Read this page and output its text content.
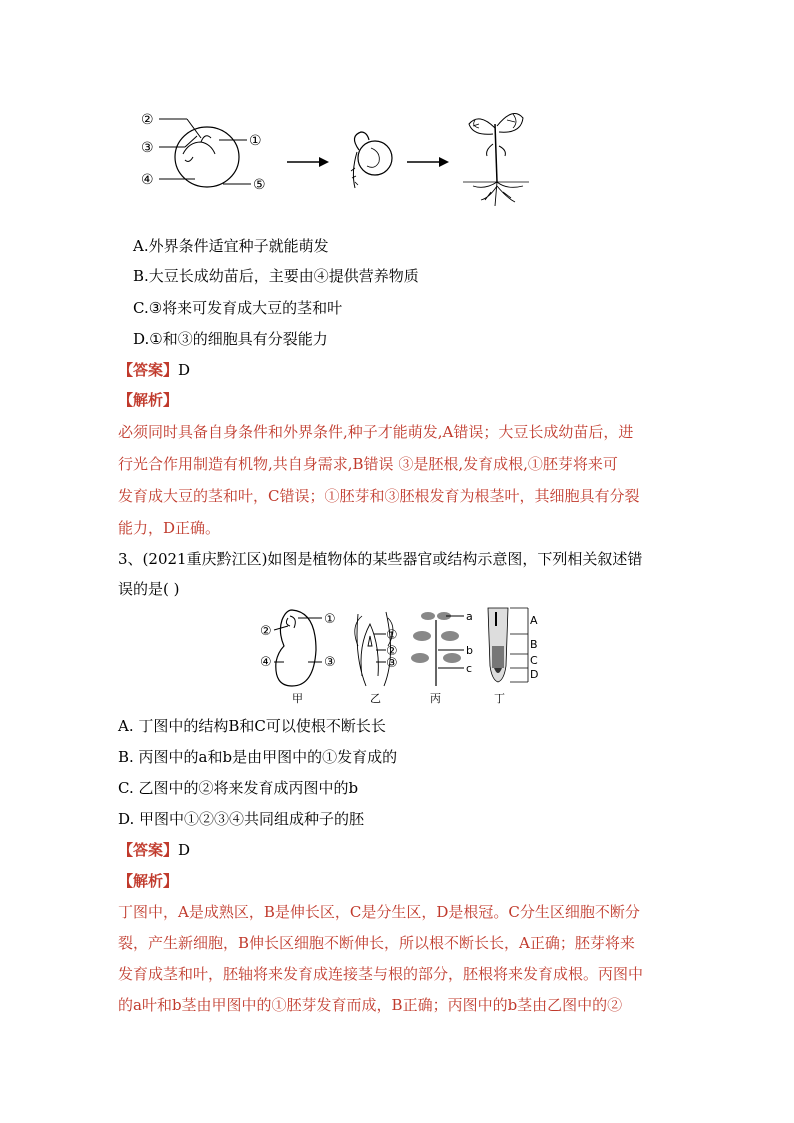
②
③
④
①
⑤
A.外界条件适宜种子就能萌发
B.大豆长成幼苗后，主要由④提供营养物质
C.③将来可发育成大豆的茎和叶
D.①和③的细胞具有分裂能力
【答案】D
【解析】
必须同时具备自身条件和外界条件,种子才能萌发,A错误；大豆长成幼苗后，进
行光合作用制造有机物,共自身需求,B错误 ③是胚根,发育成根,①胚芽将来可
发育成大豆的茎和叶，C错误；①胚芽和③胚根发育为根茎叶，其细胞具有分裂
能力，D正确。
3、(2021重庆黔江区)如图是植物体的某些器官或结构示意图，下列相关叙述错
误的是( )
②
④
①
③
甲
①
②
③
乙
a
b
c
丙
A
B
C
D
丁
A. 丁图中的结构B和C可以使根不断长长
B. 丙图中的a和b是由甲图中的①发育成的
C. 乙图中的②将来发育成丙图中的b
D. 甲图中①②③④共同组成种子的胚
【答案】D
【解析】
丁图中，A是成熟区，B是伸长区，C是分生区，D是根冠。C分生区细胞不断分
裂，产生新细胞，B伸长区细胞不断伸长，所以根不断长长，A正确；胚芽将来
发育成茎和叶，胚轴将来发育成连接茎与根的部分，胚根将来发育成根。丙图中
的a叶和b茎由甲图中的①胚芽发育而成，B正确；丙图中的b茎由乙图中的②
